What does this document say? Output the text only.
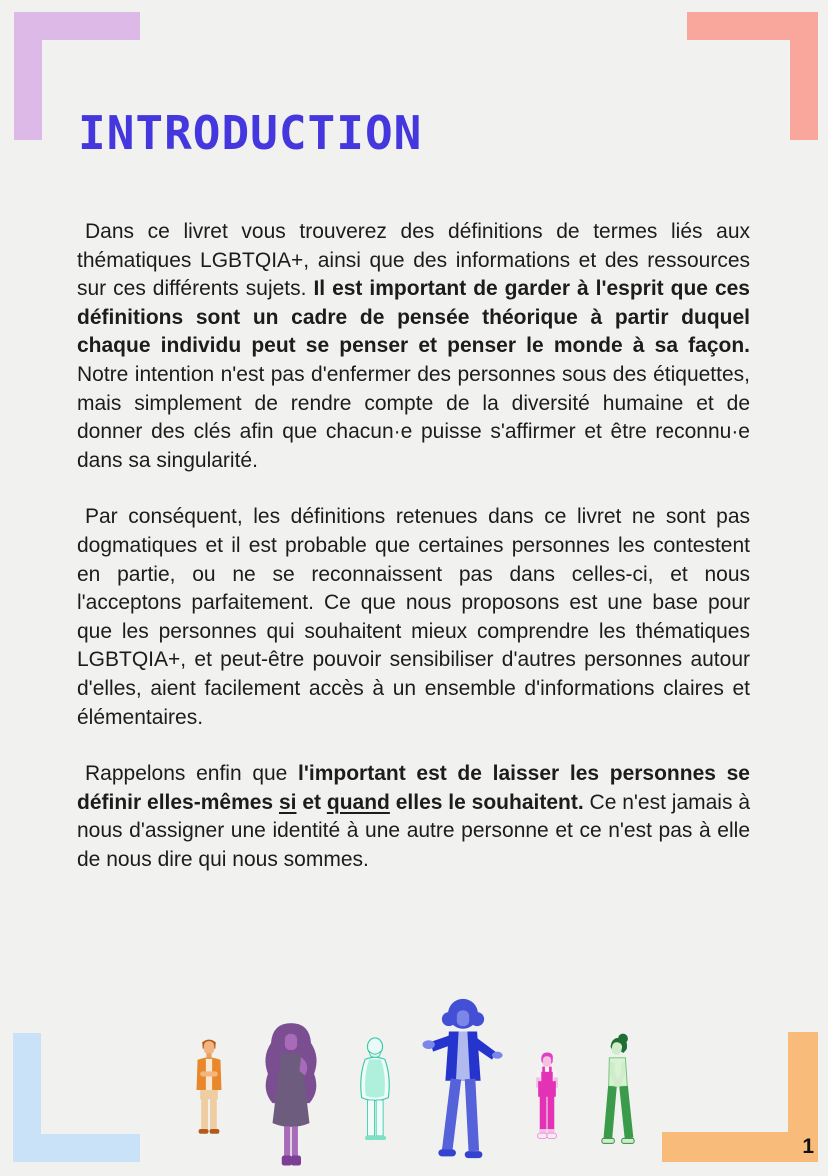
INTRODUCTION

Dans ce livret vous trouverez des définitions de termes liés aux thématiques LGBTQIA+, ainsi que des informations et des ressources sur ces différents sujets. Il est important de garder à l'esprit que ces définitions sont un cadre de pensée théorique à partir duquel chaque individu peut se penser et penser le monde à sa façon. Notre intention n'est pas d'enfermer des personnes sous des étiquettes, mais simplement de rendre compte de la diversité humaine et de donner des clés afin que chacun·e puisse s'affirmer et être reconnu·e dans sa singularité.

Par conséquent, les définitions retenues dans ce livret ne sont pas dogmatiques et il est probable que certaines personnes les contestent en partie, ou ne se reconnaissent pas dans celles-ci, et nous l'acceptons parfaitement. Ce que nous proposons est une base pour que les personnes qui souhaitent mieux comprendre les thématiques LGBTQIA+, et peut-être pouvoir sensibiliser d'autres personnes autour d'elles, aient facilement accès à un ensemble d'informations claires et élémentaires.

Rappelons enfin que l'important est de laisser les personnes se définir elles-mêmes si et quand elles le souhaitent. Ce n'est jamais à nous d'assigner une identité à une autre personne et ce n'est pas à elle de nous dire qui nous sommes.

1
